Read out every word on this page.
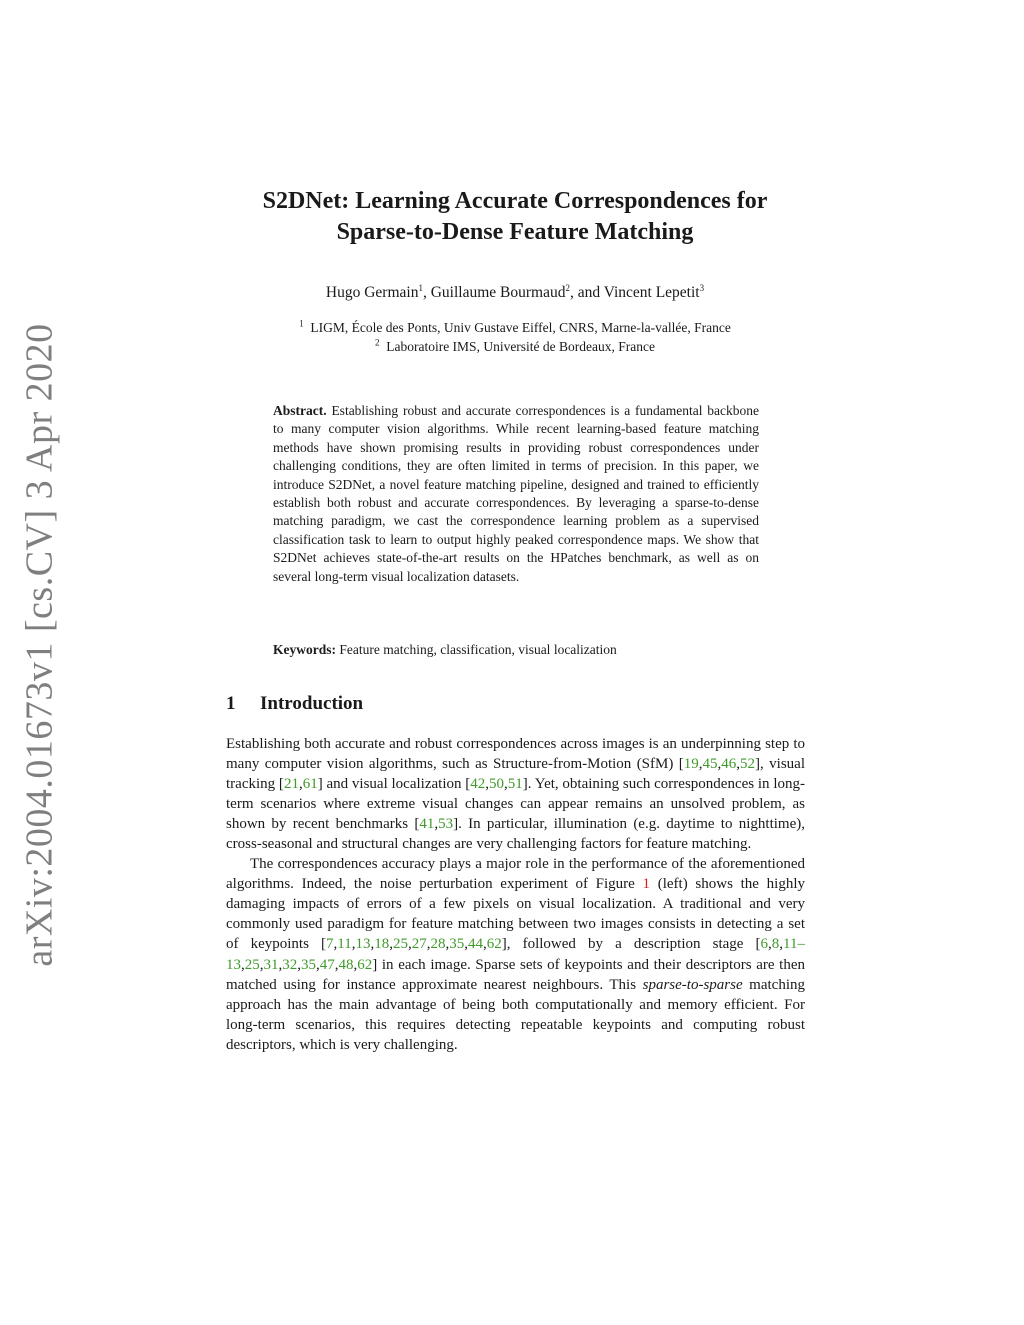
arXiv:2004.01673v1 [cs.CV] 3 Apr 2020
S2DNet: Learning Accurate Correspondences for
Sparse-to-Dense Feature Matching
Hugo Germain$^1$, Guillaume Bourmaud$^2$, and Vincent Lepetit$^3$
$^1$ LIGM, École des Ponts, Univ Gustave Eiffel, CNRS, Marne-la-vallée, France
$^2$ Laboratoire IMS, Université de Bordeaux, France
Abstract. Establishing robust and accurate correspondences is a fundamental backbone to many computer vision algorithms. While recent learning-based feature matching methods have shown promising results in providing robust correspondences under challenging conditions, they are often limited in terms of precision. In this paper, we introduce S2DNet, a novel feature matching pipeline, designed and trained to efficiently establish both robust and accurate correspondences. By leveraging a sparse-to-dense matching paradigm, we cast the correspondence learning problem as a supervised classification task to learn to output highly peaked correspondence maps. We show that S2DNet achieves state-of-the-art results on the HPatches benchmark, as well as on several long-term visual localization datasets.
Keywords: Feature matching, classification, visual localization
1 Introduction

Establishing both accurate and robust correspondences across images is an underpinning step to many computer vision algorithms, such as Structure-from-Motion (SfM) [19,45,46,52], visual tracking [21,61] and visual localization [42,50,51]. Yet, obtaining such correspondences in long-term scenarios where extreme visual changes can appear remains an unsolved problem, as shown by recent benchmarks [41,53]. In particular, illumination (e.g. daytime to nighttime), cross-seasonal and structural changes are very challenging factors for feature matching.

The correspondences accuracy plays a major role in the performance of the aforementioned algorithms. Indeed, the noise perturbation experiment of Figure 1 (left) shows the highly damaging impacts of errors of a few pixels on visual localization. A traditional and very commonly used paradigm for feature matching between two images consists in detecting a set of keypoints [7,11,13,18,25,27,28,35,44,62], followed by a description stage [6,8,11–13,25,31,32,35,47,48,62] in each image. Sparse sets of keypoints and their descriptors are then matched using for instance approximate nearest neighbours. This sparse-to-sparse matching approach has the main advantage of being both computationally and memory efficient. For long-term scenarios, this requires detecting repeatable keypoints and computing robust descriptors, which is very challenging.
